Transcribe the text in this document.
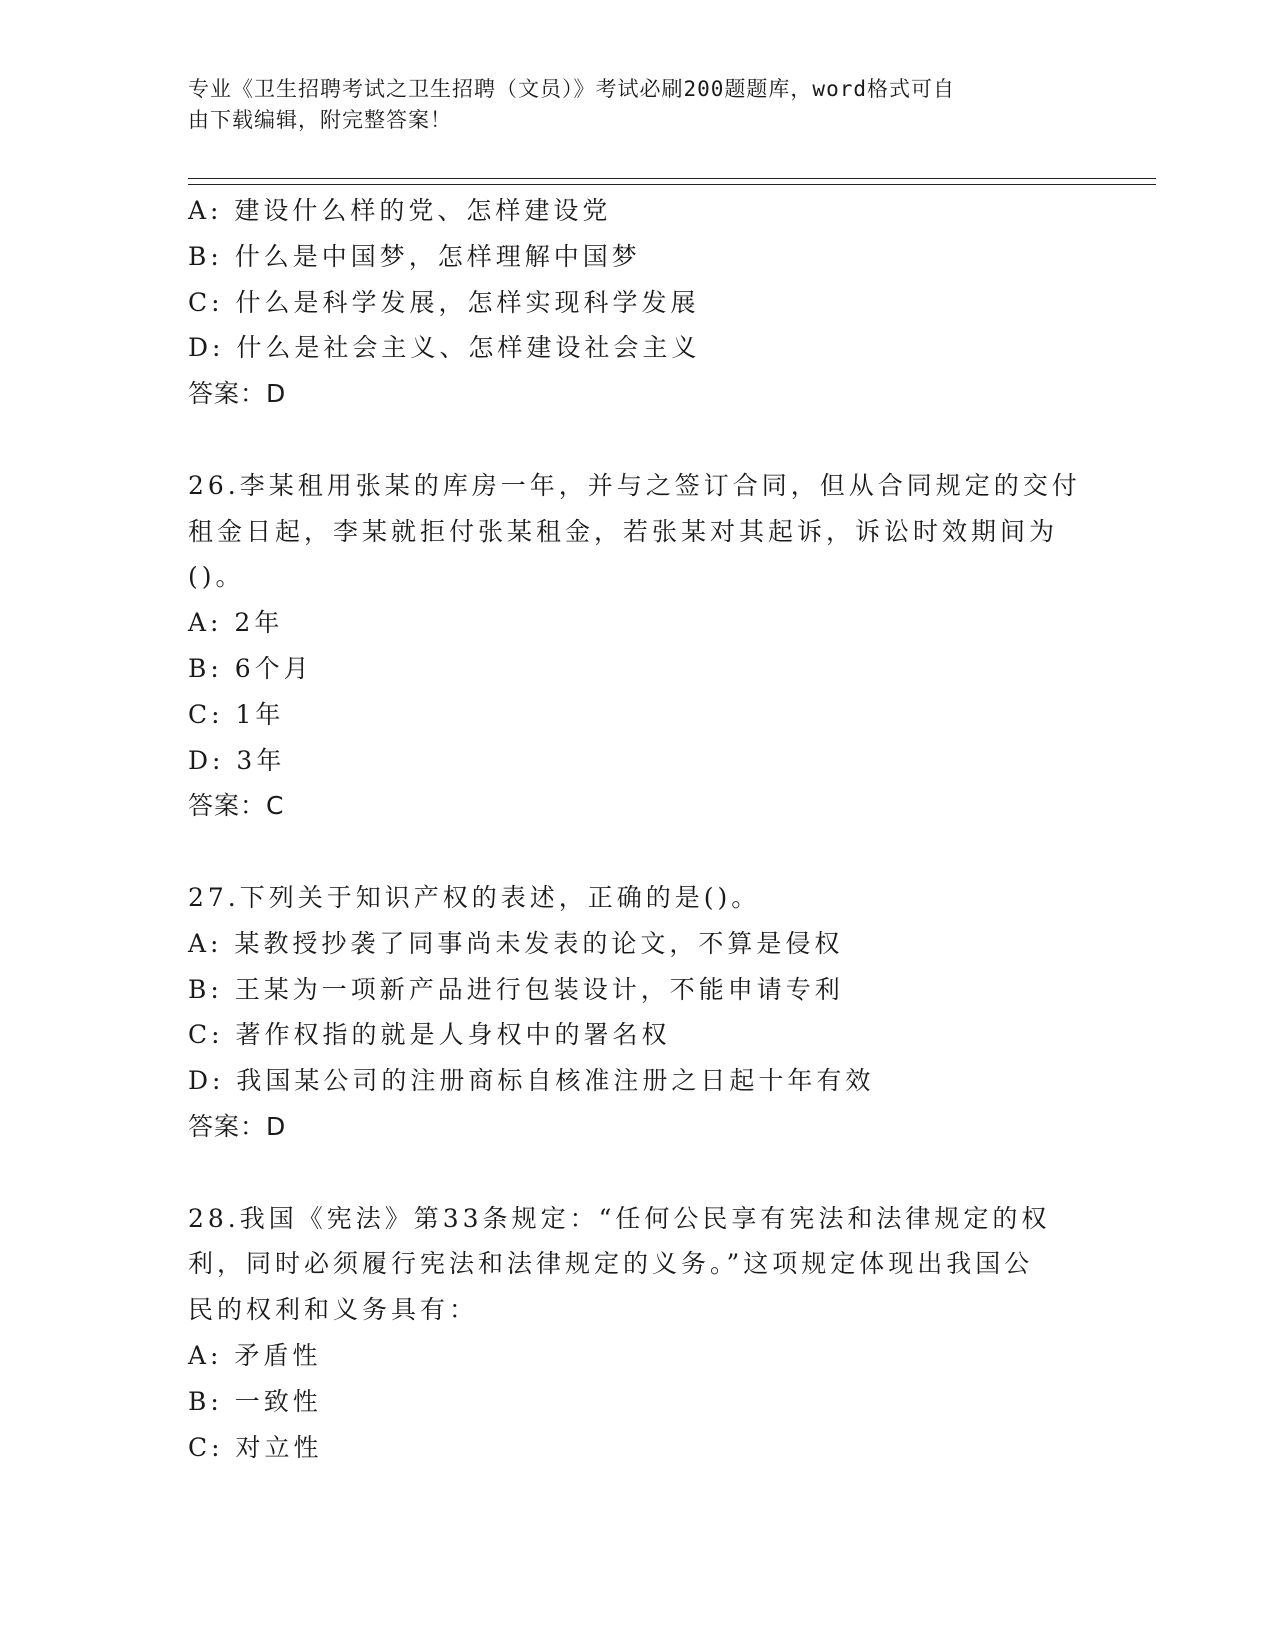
专业《卫生招聘考试之卫生招聘（文员）》考试必刷200题题库，word格式可自
由下载编辑，附完整答案！
A: 建设什么样的党、怎样建设党
B: 什么是中国梦，怎样理解中国梦
C: 什么是科学发展，怎样实现科学发展
D: 什么是社会主义、怎样建设社会主义
答案：D
26.李某租用张某的库房一年，并与之签订合同，但从合同规定的交付
租金日起，李某就拒付张某租金，若张某对其起诉，诉讼时效期间为
()。
A: 2年
B: 6个月
C: 1年
D: 3年
答案：C
27.下列关于知识产权的表述，正确的是()。
A: 某教授抄袭了同事尚未发表的论文，不算是侵权
B: 王某为一项新产品进行包装设计，不能申请专利
C: 著作权指的就是人身权中的署名权
D: 我国某公司的注册商标自核准注册之日起十年有效
答案：D
28.我国《宪法》第33条规定：“任何公民享有宪法和法律规定的权
利，同时必须履行宪法和法律规定的义务。”这项规定体现出我国公
民的权利和义务具有：
A: 矛盾性
B: 一致性
C: 对立性
